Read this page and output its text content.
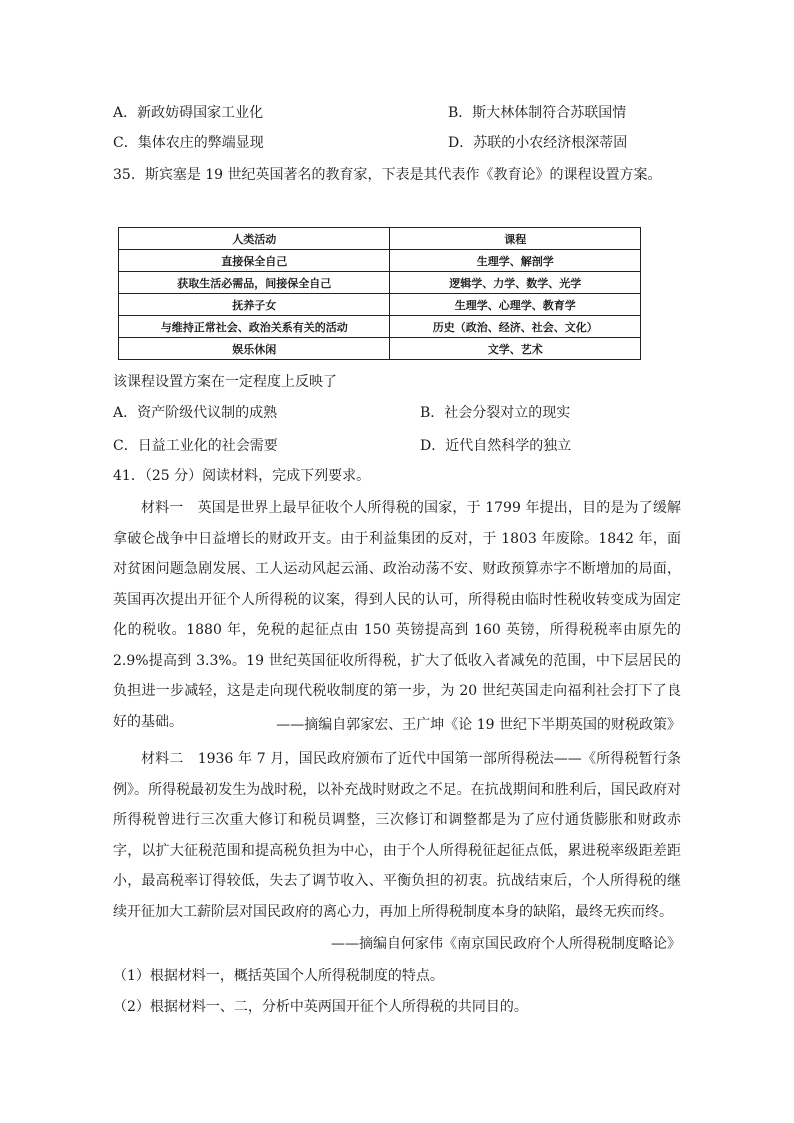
A．新政妨碍国家工业化	B．斯大林体制符合苏联国情
C．集体农庄的弊端显现	D．苏联的小农经济根深蒂固
35．斯宾塞是 19 世纪英国著名的教育家，下表是其代表作《教育论》的课程设置方案。
人类活动	课程
直接保全自己	生理学、解剖学
获取生活必需品，间接保全自己	逻辑学、力学、数学、光学
抚养子女	生理学、心理学、教育学
与维持正常社会、政治关系有关的活动	历史（政治、经济、社会、文化）
娱乐休闲	文学、艺术
该课程设置方案在一定程度上反映了
A．资产阶级代议制的成熟	B．社会分裂对立的现实
C．日益工业化的社会需要	D．近代自然科学的独立
41．（25 分）阅读材料，完成下列要求。
材料一　英国是世界上最早征收个人所得税的国家，于 1799 年提出，目的是为了缓解拿破仑战争中日益增长的财政开支。由于利益集团的反对，于 1803 年废除。1842 年，面对贫困问题急剧发展、工人运动风起云涌、政治动荡不安、财政预算赤字不断增加的局面，英国再次提出开征个人所得税的议案，得到人民的认可，所得税由临时性税收转变成为固定化的税收。1880 年，免税的起征点由 150 英镑提高到 160 英镑，所得税税率由原先的 2.9%提高到 3.3%。19 世纪英国征收所得税，扩大了低收入者减免的范围，中下层居民的负担进一步减轻，这是走向现代税收制度的第一步，为 20 世纪英国走向福利社会打下了良好的基础。	——摘编自郭家宏、王广坤《论 19 世纪下半期英国的财税政策》
材料二　1936 年 7 月，国民政府颁布了近代中国第一部所得税法——《所得税暂行条例》。所得税最初发生为战时税，以补充战时财政之不足。在抗战期间和胜利后，国民政府对所得税曾进行三次重大修订和税员调整，三次修订和调整都是为了应付通货膨胀和财政赤字，以扩大征税范围和提高税负担为中心，由于个人所得税征起征点低，累进税率级距差距小，最高税率订得较低，失去了调节收入、平衡负担的初衷。抗战结束后，个人所得税的继续开征加大工薪阶层对国民政府的离心力，再加上所得税制度本身的缺陷，最终无疾而终。
——摘编自何家伟《南京国民政府个人所得税制度略论》
（1）根据材料一，概括英国个人所得税制度的特点。
（2）根据材料一、二，分析中英两国开征个人所得税的共同目的。
